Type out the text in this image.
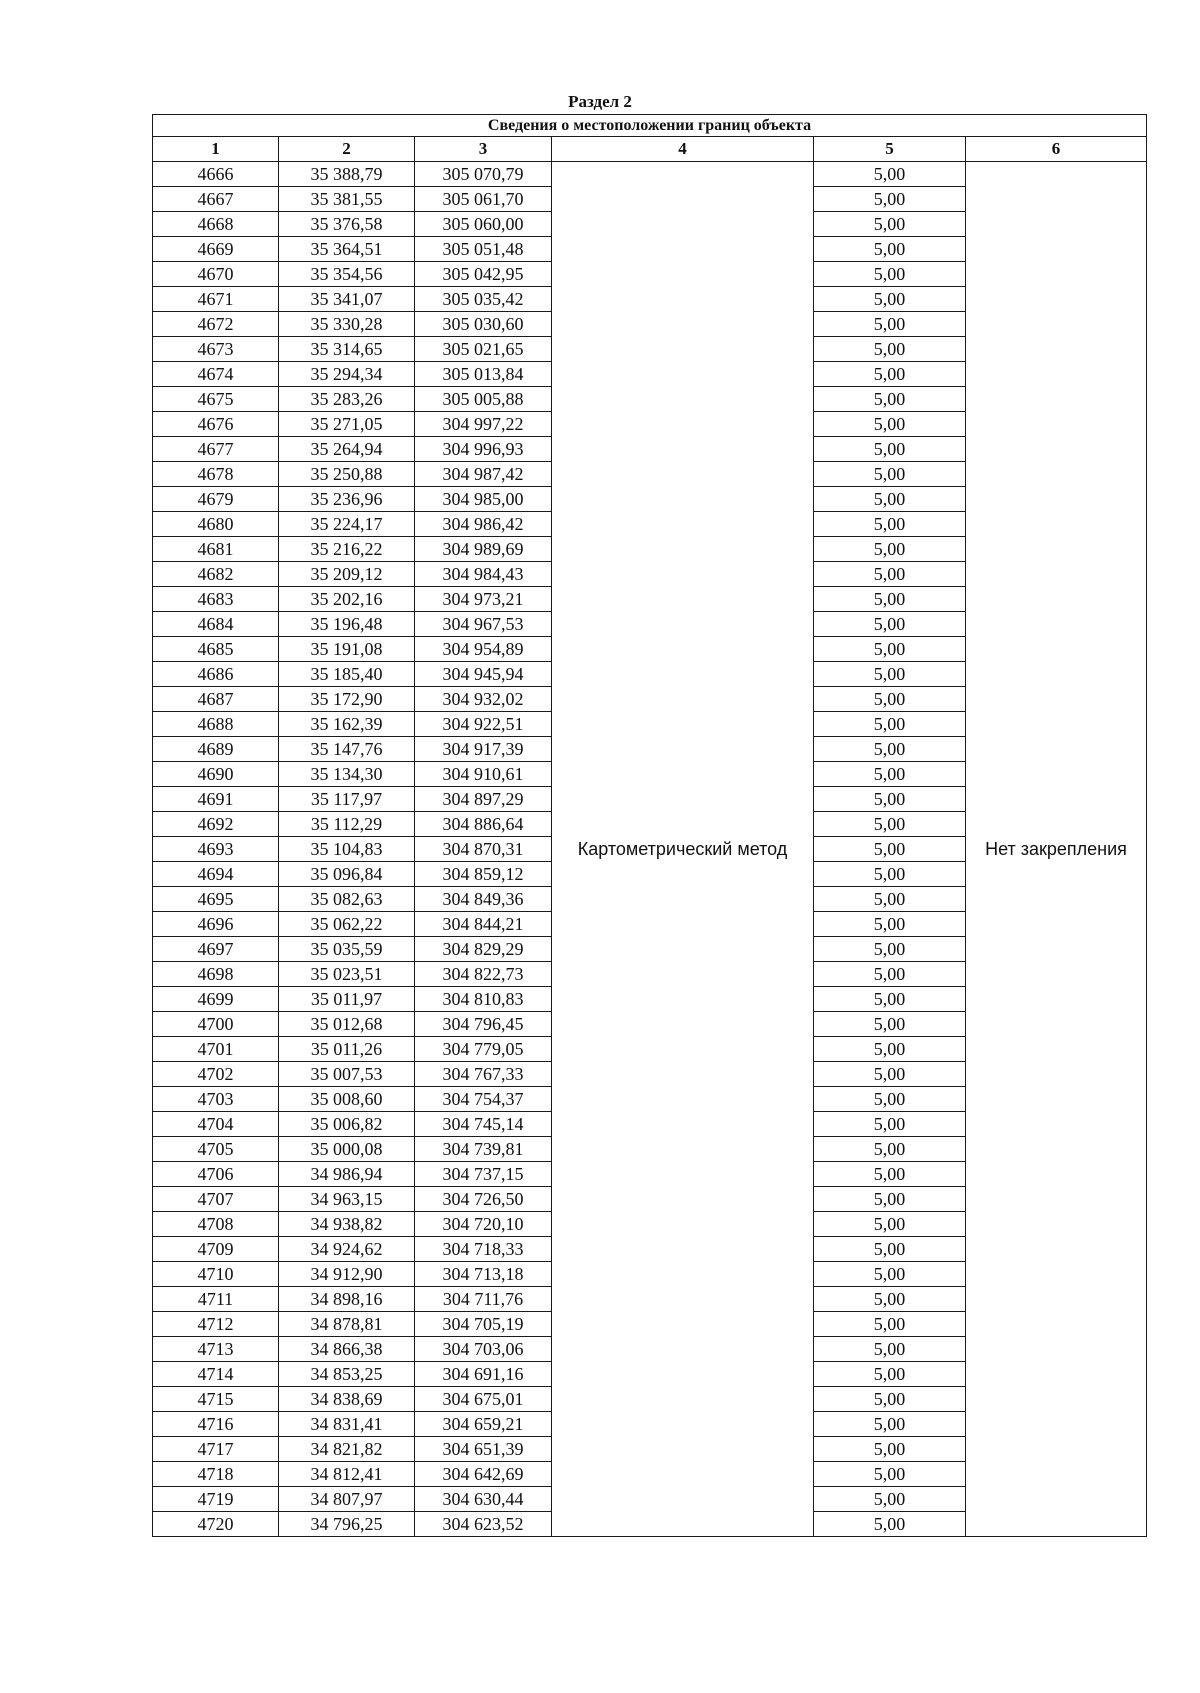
Раздел 2
Сведения о местоположении границ объекта					
1	2	3	4	5	6
4666	35 388,79	305 070,79	Картометрический метод	5,00	Нет закрепления
4667	35 381,55	305 061,70		5,00	
4668	35 376,58	305 060,00		5,00	
4669	35 364,51	305 051,48		5,00	
4670	35 354,56	305 042,95		5,00	
4671	35 341,07	305 035,42		5,00	
4672	35 330,28	305 030,60		5,00	
4673	35 314,65	305 021,65		5,00	
4674	35 294,34	305 013,84		5,00	
4675	35 283,26	305 005,88		5,00	
4676	35 271,05	304 997,22		5,00	
4677	35 264,94	304 996,93		5,00	
4678	35 250,88	304 987,42		5,00	
4679	35 236,96	304 985,00		5,00	
4680	35 224,17	304 986,42		5,00	
4681	35 216,22	304 989,69		5,00	
4682	35 209,12	304 984,43		5,00	
4683	35 202,16	304 973,21		5,00	
4684	35 196,48	304 967,53		5,00	
4685	35 191,08	304 954,89		5,00	
4686	35 185,40	304 945,94		5,00	
4687	35 172,90	304 932,02		5,00	
4688	35 162,39	304 922,51		5,00	
4689	35 147,76	304 917,39		5,00	
4690	35 134,30	304 910,61		5,00	
4691	35 117,97	304 897,29		5,00	
4692	35 112,29	304 886,64		5,00	
4693	35 104,83	304 870,31		5,00	
4694	35 096,84	304 859,12		5,00	
4695	35 082,63	304 849,36		5,00	
4696	35 062,22	304 844,21		5,00	
4697	35 035,59	304 829,29		5,00	
4698	35 023,51	304 822,73		5,00	
4699	35 011,97	304 810,83		5,00	
4700	35 012,68	304 796,45		5,00	
4701	35 011,26	304 779,05		5,00	
4702	35 007,53	304 767,33		5,00	
4703	35 008,60	304 754,37		5,00	
4704	35 006,82	304 745,14		5,00	
4705	35 000,08	304 739,81		5,00	
4706	34 986,94	304 737,15		5,00	
4707	34 963,15	304 726,50		5,00	
4708	34 938,82	304 720,10		5,00	
4709	34 924,62	304 718,33		5,00	
4710	34 912,90	304 713,18		5,00	
4711	34 898,16	304 711,76		5,00	
4712	34 878,81	304 705,19		5,00	
4713	34 866,38	304 703,06		5,00	
4714	34 853,25	304 691,16		5,00	
4715	34 838,69	304 675,01		5,00	
4716	34 831,41	304 659,21		5,00	
4717	34 821,82	304 651,39		5,00	
4718	34 812,41	304 642,69		5,00	
4719	34 807,97	304 630,44		5,00	
4720	34 796,25	304 623,52		5,00	
